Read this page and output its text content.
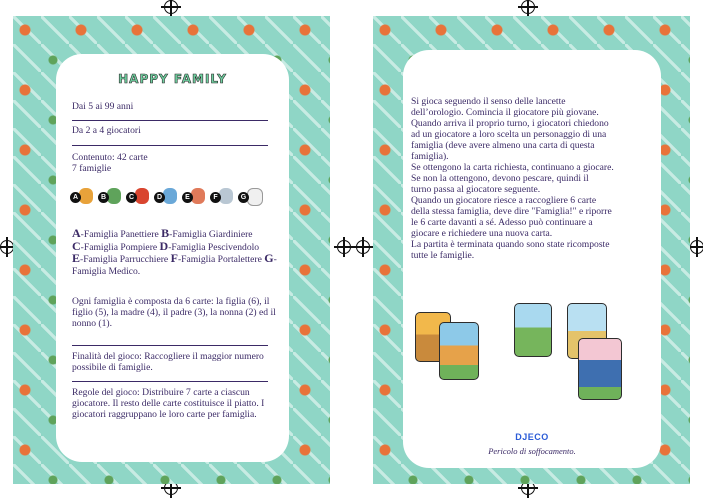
HAPPY FAMILY
Dai 5 ai 99 anni
Da 2 a 4 giocatori
Contenuto: 42 carte
7 famiglie
A	B	C	D	E	F	G
A-Famiglia Panettiere B-Famiglia Giardiniere
C-Famiglia Pompiere D-Famiglia Pescivendolo
E-Famiglia Parrucchiere F-Famiglia Portalettere G-Famiglia Medico.
Ogni famiglia è composta da 6 carte: la figlia (6), il figlio (5), la madre (4), il padre (3), la nonna (2) ed il nonno (1).
Finalità del gioco: Raccogliere il maggior numero possibile di famiglie.
Regole del gioco: Distribuire 7 carte a ciascun giocatore. Il resto delle carte costituisce il piatto. I giocatori raggruppano le loro carte per famiglia.
Si gioca seguendo il senso delle lancette
dell’orologio. Comincia il giocatore più giovane.
Quando arriva il proprio turno, i giocatori chiedono
ad un giocatore a loro scelta un personaggio di una
famiglia (deve avere almeno una carta di questa
famiglia).
Se ottengono la carta richiesta, continuano a giocare.
Se non la ottengono, devono pescare, quindi il
turno passa al giocatore seguente.
Quando un giocatore riesce a raccogliere 6 carte
della stessa famiglia, deve dire "Famiglia!" e riporre
le 6 carte davanti a sé. Adesso può continuare a
giocare e richiedere una nuova carta.
La partita è terminata quando sono state ricomposte
tutte le famiglie.
DJECO
Pericolo di soffocamento.
